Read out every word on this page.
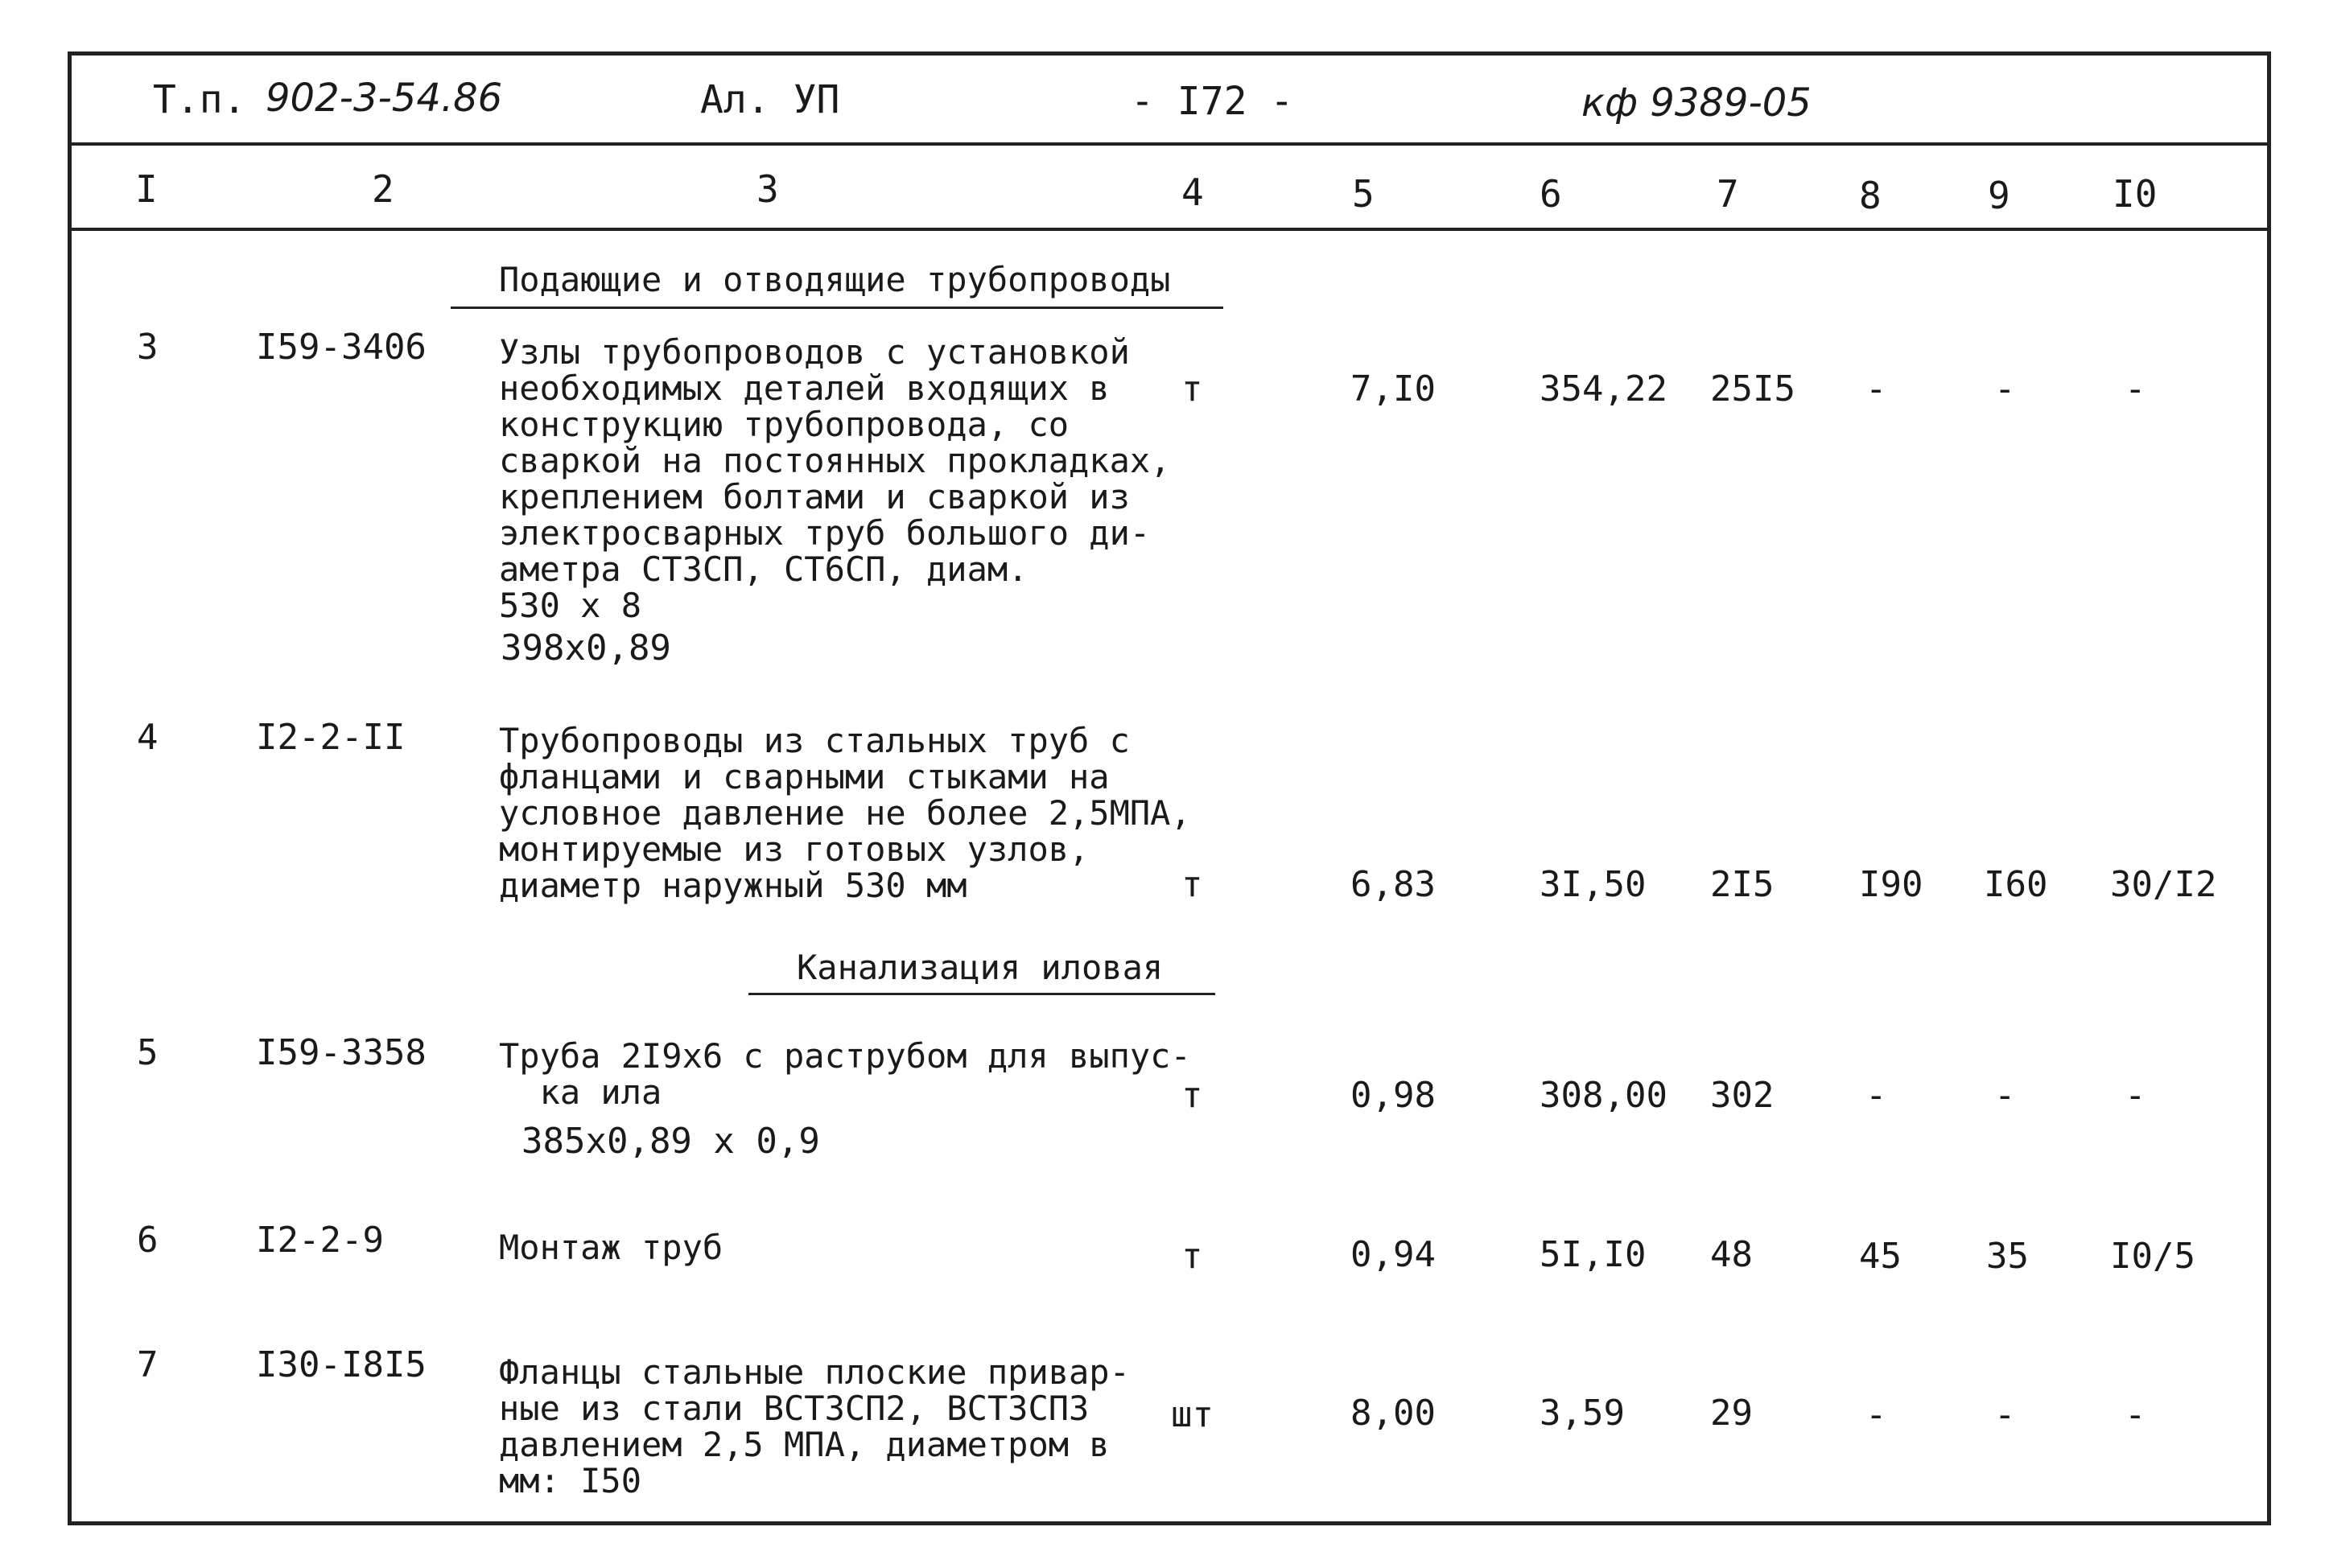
Т.п. 902-3-54.86	Ал. УП	- I72 -	кф 9389-05
I	2	3	4	5	6	7	8	9	I0
Подающие и отводящие трубопроводы
3	I59-3406 Узлы трубопроводов с установкой
необходимых деталей входящих в
конструкцию трубопровода, со
сваркой на постоянных прокладках,
креплением болтами и сваркой из
электросварных труб большого ди-
аметра СТ3СП, СТ6СП, диам.
530 х 8
398х0,89
т	7,I0	354,22 25I5 -	-	-
4	I2-2-II	Трубопроводы из стальных труб с
фланцами и сварными стыками на
условное давление не более 2,5МПА,
монтируемые из готовых узлов,
диаметр наружный 530 мм	т	6,83	3I,50 2I5 I90 I60 30/I2
Канализация иловая
5	I59-3358 Труба 2I9х6 с раструбом для выпус-
ка ила
385х0,89 х 0,9
т	0,98	308,00 302	-	-	-
6	I2-2-9	Монтаж труб	т	0,94	5I,I0 48	45 35 I0/5
7	I30-I8I5 Фланцы стальные плоские привар-
ные из стали ВСТ3СП2, ВСТ3СП3
давлением 2,5 МПА, диаметром в
мм: I50
шт	8,00	3,59 29	-	-	-
